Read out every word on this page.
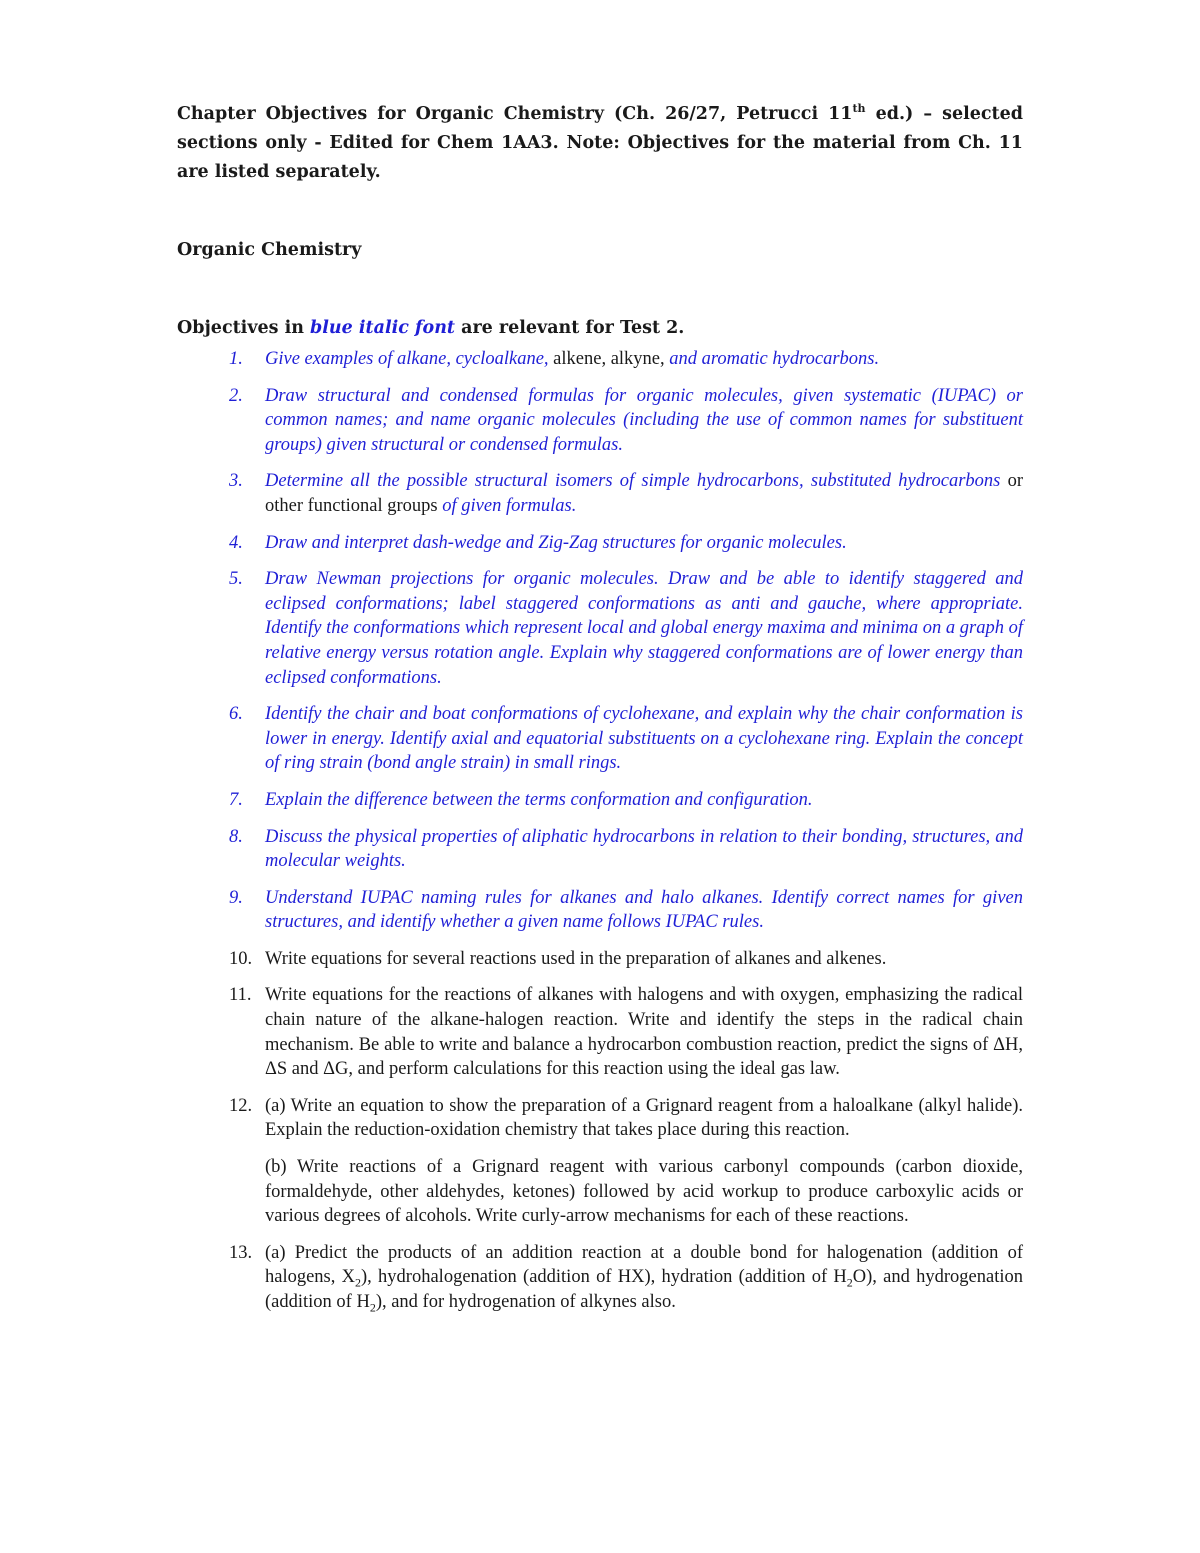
Chapter Objectives for Organic Chemistry (Ch. 26/27, Petrucci 11th ed.) – selected sections only - Edited for Chem 1AA3. Note: Objectives for the material from Ch. 11 are listed separately.

Organic Chemistry

Objectives in blue italic font are relevant for Test 2.

1. Give examples of alkane, cycloalkane, alkene, alkyne, and aromatic hydrocarbons.
2. Draw structural and condensed formulas for organic molecules, given systematic (IUPAC) or common names; and name organic molecules (including the use of common names for substituent groups) given structural or condensed formulas.
3. Determine all the possible structural isomers of simple hydrocarbons, substituted hydrocarbons or other functional groups of given formulas.
4. Draw and interpret dash-wedge and Zig-Zag structures for organic molecules.
5. Draw Newman projections for organic molecules. Draw and be able to identify staggered and eclipsed conformations; label staggered conformations as anti and gauche, where appropriate. Identify the conformations which represent local and global energy maxima and minima on a graph of relative energy versus rotation angle. Explain why staggered conformations are of lower energy than eclipsed conformations.
6. Identify the chair and boat conformations of cyclohexane, and explain why the chair conformation is lower in energy. Identify axial and equatorial substituents on a cyclohexane ring. Explain the concept of ring strain (bond angle strain) in small rings.
7. Explain the difference between the terms conformation and configuration.
8. Discuss the physical properties of aliphatic hydrocarbons in relation to their bonding, structures, and molecular weights.
9. Understand IUPAC naming rules for alkanes and halo alkanes. Identify correct names for given structures, and identify whether a given name follows IUPAC rules.
10. Write equations for several reactions used in the preparation of alkanes and alkenes.
11. Write equations for the reactions of alkanes with halogens and with oxygen, emphasizing the radical chain nature of the alkane-halogen reaction. Write and identify the steps in the radical chain mechanism. Be able to write and balance a hydrocarbon combustion reaction, predict the signs of ΔH, ΔS and ΔG, and perform calculations for this reaction using the ideal gas law.
12. (a) Write an equation to show the preparation of a Grignard reagent from a haloalkane (alkyl halide). Explain the reduction-oxidation chemistry that takes place during this reaction.
(b) Write reactions of a Grignard reagent with various carbonyl compounds (carbon dioxide, formaldehyde, other aldehydes, ketones) followed by acid workup to produce carboxylic acids or various degrees of alcohols. Write curly-arrow mechanisms for each of these reactions.
13. (a) Predict the products of an addition reaction at a double bond for halogenation (addition of halogens, $X_2$), hydrohalogenation (addition of HX), hydration (addition of $H_2O$), and hydrogenation (addition of $H_2$), and for hydrogenation of alkynes also.
